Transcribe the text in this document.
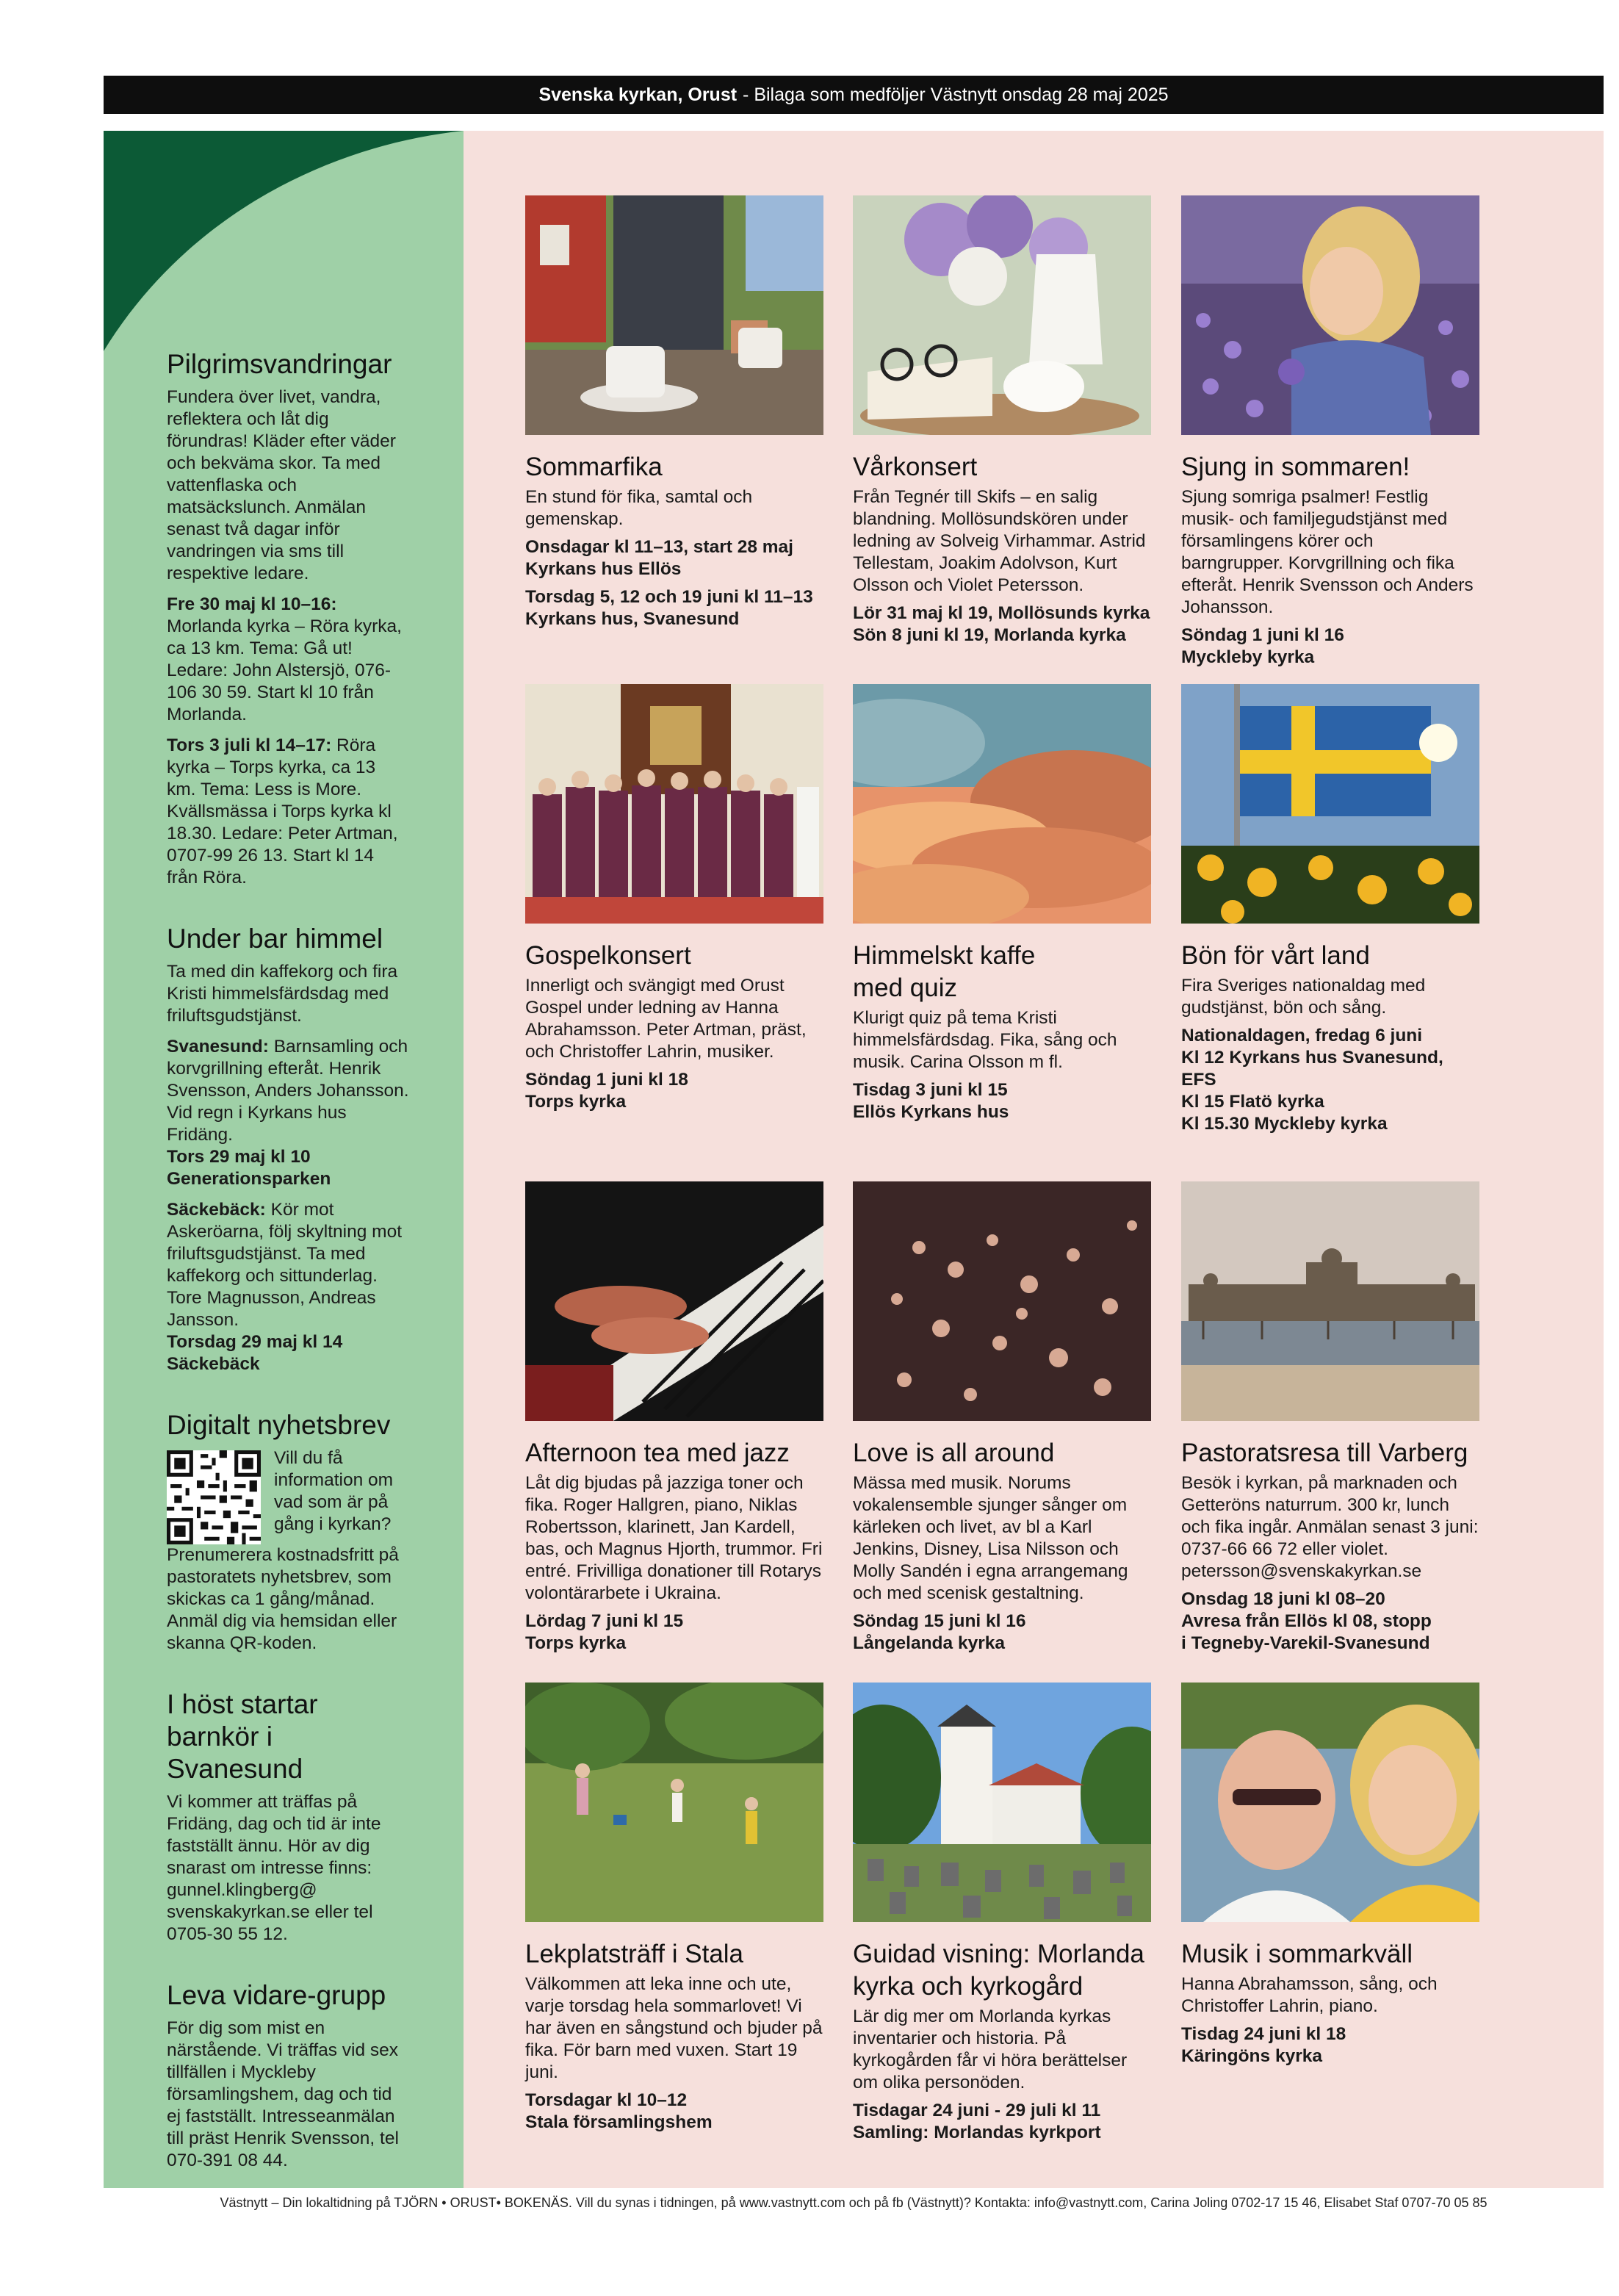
Svenska kyrkan, Orust - Bilaga som medföljer Västnytt onsdag 28 maj 2025
Pilgrimsvandringar

Fundera över livet, vandra, reflektera och låt dig förundras! Kläder efter väder och bekväma skor. Ta med vattenflaska och matsäckslunch. Anmälan senast två dagar inför vandringen via sms till respektive ledare.

Fre 30 maj kl 10–16: Morlanda kyrka – Röra kyrka, ca 13 km. Tema: Gå ut! Ledare: John Alstersjö, 076-106 30 59. Start kl 10 från Morlanda.

Tors 3 juli kl 14–17: Röra kyrka – Torps kyrka, ca 13 km. Tema: Less is More. Kvällsmässa i Torps kyrka kl 18.30. Ledare: Peter Artman, 0707-99 26 13. Start kl 14 från Röra.

Under bar himmel

Ta med din kaffekorg och fira Kristi himmelsfärdsdag med friluftsgudstjänst.

Svanesund: Barnsamling och korvgrillning efteråt. Henrik Svensson, Anders Johansson. Vid regn i Kyrkans hus Fridäng.
Tors 29 maj kl 10
Generationsparken

Säckebäck: Kör mot Askeröarna, följ skyltning mot friluftsgudstjänst. Ta med kaffekorg och sittunderlag. Tore Magnusson, Andreas Jansson.
Torsdag 29 maj kl 14
Säckebäck

Digitalt nyhetsbrev

Vill du få information om vad som är på gång i kyrkan?

Prenumerera kostnadsfritt på pastoratets nyhetsbrev, som skickas ca 1 gång/månad. Anmäl dig via hemsidan eller skanna QR-koden.

I höst startar barnkör i Svanesund

Vi kommer att träffas på Fridäng, dag och tid är inte fastställt ännu. Hör av dig snarast om intresse finns: gunnel.klingberg@ svenskakyrkan.se eller tel 0705-30 55 12.

Leva vidare-grupp

För dig som mist en närstående. Vi träffas vid sex tillfällen i Myckleby församlingshem, dag och tid ej fastställt. Intresseanmälan till präst Henrik Svensson, tel 070-391 08 44.

Sommarfika

En stund för fika, samtal och gemenskap.

Onsdagar kl 11–13, start 28 maj
Kyrkans hus Ellös

Torsdag 5, 12 och 19 juni kl 11–13
Kyrkans hus, Svanesund

Vårkonsert

Från Tegnér till Skifs – en salig blandning. Mollösundskören under ledning av Solveig Virhammar. Astrid Tellestam, Joakim Adolvson, Kurt Olsson och Violet Petersson.

Lör 31 maj kl 19, Mollösunds kyrka
Sön 8 juni kl 19, Morlanda kyrka

Sjung in sommaren!

Sjung somriga psalmer! Festlig musik- och familjegudstjänst med församlingens körer och barngrupper. Korvgrillning och fika efteråt. Henrik Svensson och Anders Johansson.

Söndag 1 juni kl 16
Myckleby kyrka

Gospelkonsert

Innerligt och svängigt med Orust Gospel under ledning av Hanna Abrahamsson. Peter Artman, präst, och Christoffer Lahrin, musiker.

Söndag 1 juni kl 18
Torps kyrka

Himmelskt kaffe med quiz

Klurigt quiz på tema Kristi himmelsfärdsdag. Fika, sång och musik. Carina Olsson m fl.

Tisdag 3 juni kl 15
Ellös Kyrkans hus

Bön för vårt land

Fira Sveriges nationaldag med gudstjänst, bön och sång.

Nationaldagen, fredag 6 juni
Kl 12 Kyrkans hus Svanesund, EFS
Kl 15 Flatö kyrka
Kl 15.30 Myckleby kyrka

Afternoon tea med jazz

Låt dig bjudas på jazziga toner och fika. Roger Hallgren, piano, Niklas Robertsson, klarinett, Jan Kardell, bas, och Magnus Hjorth, trummor. Fri entré. Frivilliga donationer till Rotarys volontärarbete i Ukraina.

Lördag 7 juni kl 15
Torps kyrka

Love is all around

Mässa med musik. Norums vokalensemble sjunger sånger om kärleken och livet, av bl a Karl Jenkins, Disney, Lisa Nilsson och Molly Sandén i egna arrangemang och med scenisk gestaltning.

Söndag 15 juni kl 16
Långelanda kyrka

Pastoratsresa till Varberg

Besök i kyrkan, på marknaden och Getteröns naturrum. 300 kr, lunch och fika ingår. Anmälan senast 3 juni: 0737-66 66 72 eller violet. petersson@svenskakyrkan.se

Onsdag 18 juni kl 08–20
Avresa från Ellös kl 08, stopp
i Tegneby-Varekil-Svanesund

Lekplatsträff i Stala

Välkommen att leka inne och ute, varje torsdag hela sommarlovet! Vi har även en sångstund och bjuder på fika. För barn med vuxen. Start 19 juni.

Torsdagar kl 10–12
Stala församlingshem

Guidad visning: Morlanda kyrka och kyrkogård

Lär dig mer om Morlanda kyrkas inventarier och historia. På kyrkogården får vi höra berättelser om olika personöden.

Tisdagar 24 juni - 29 juli kl 11
Samling: Morlandas kyrkport

Musik i sommarkväll

Hanna Abrahamsson, sång, och Christoffer Lahrin, piano.

Tisdag 24 juni kl 18
Käringöns kyrka

Västnytt – Din lokaltidning på TJÖRN • ORUST• BOKENÄS. Vill du synas i tidningen, på www.vastnytt.com och på fb (Västnytt)? Kontakta: info@vastnytt.com, Carina Joling 0702-17 15 46, Elisabet Staf 0707-70 05 85
